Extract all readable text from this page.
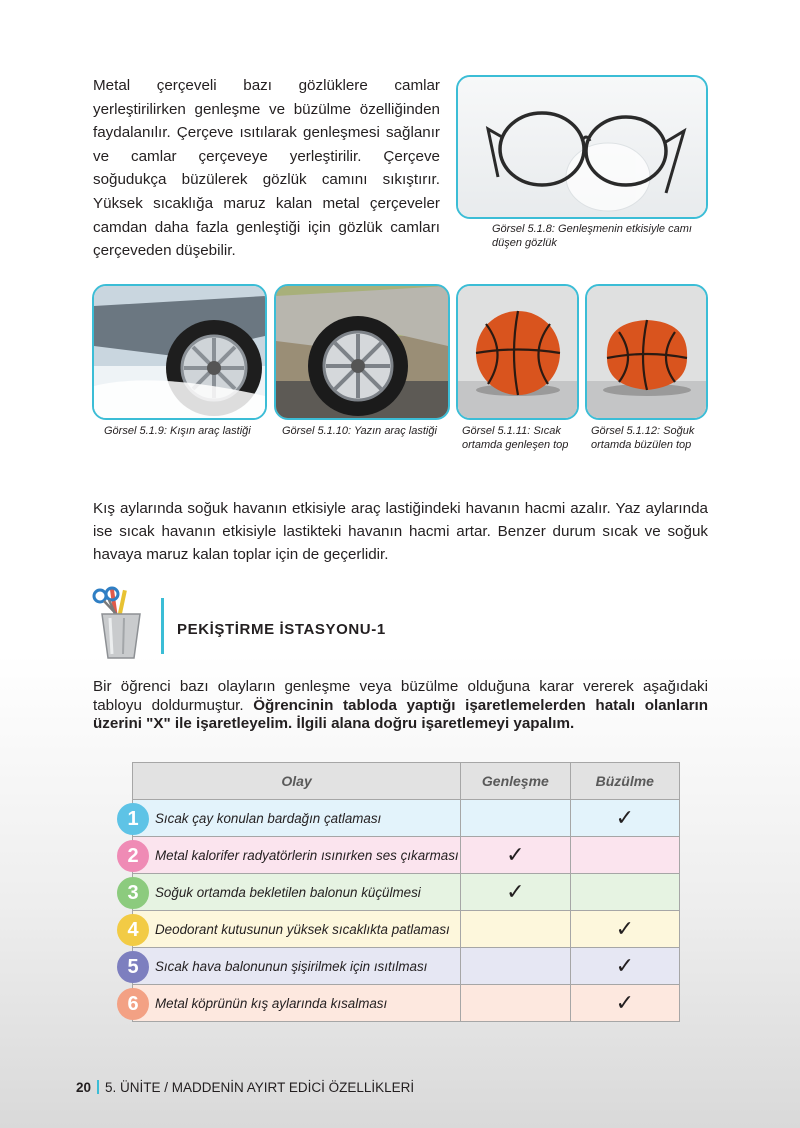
Metal çerçeveli bazı gözlüklere camlar yerleştirilirken genleşme ve büzülme özelliğinden faydalanılır. Çerçeve ısıtılarak genleşmesi sağlanır ve camlar çerçeveye yerleştirilir. Çerçeve soğudukça büzülerek gözlük camını sıkıştırır. Yüksek sıcaklığa maruz kalan metal çerçeveler camdan daha fazla genleştiği için gözlük camları çerçeveden düşebilir.

Görsel 5.1.8: Genleşmenin etkisiyle camı düşen gözlük
Görsel 5.1.9: Kışın araç lastiği	Görsel 5.1.10: Yazın araç lastiği Görsel 5.1.11: Sıcak ortamda genleşen top
Görsel 5.1.12: Soğuk ortamda büzülen top

Kış aylarında soğuk havanın etkisiyle araç lastiğindeki havanın hacmi azalır. Yaz aylarında ise sıcak havanın etkisiyle lastikteki havanın hacmi artar. Benzer durum sıcak ve soğuk havaya maruz kalan toplar için de geçerlidir.

PEKİŞTİRME İSTASYONU-1

Bir öğrenci bazı olayların genleşme veya büzülme olduğuna karar vererek aşağıdaki tabloyu doldurmuştur. Öğrencinin tabloda yaptığı işaretlemelerden hatalı olanların üzerini "X" ile işaretleyelim. İlgili alana doğru işaretlemeyi yapalım.

Olay	Genleşme	Büzülme
Sıcak çay konulan bardağın çatlaması		✓
Metal kalorifer radyatörlerin ısınırken ses çıkarması	✓	
Soğuk ortamda bekletilen balonun küçülmesi	✓	
Deodorant kutusunun yüksek sıcaklıkta patlaması		✓
Sıcak hava balonunun şişirilmek için ısıtılması		✓
Metal köprünün kış aylarında kısalması		✓
20 5. ÜNİTE / MADDENİN AYIRT EDİCİ ÖZELLİKLERİ
1
2
3
4
5
6
